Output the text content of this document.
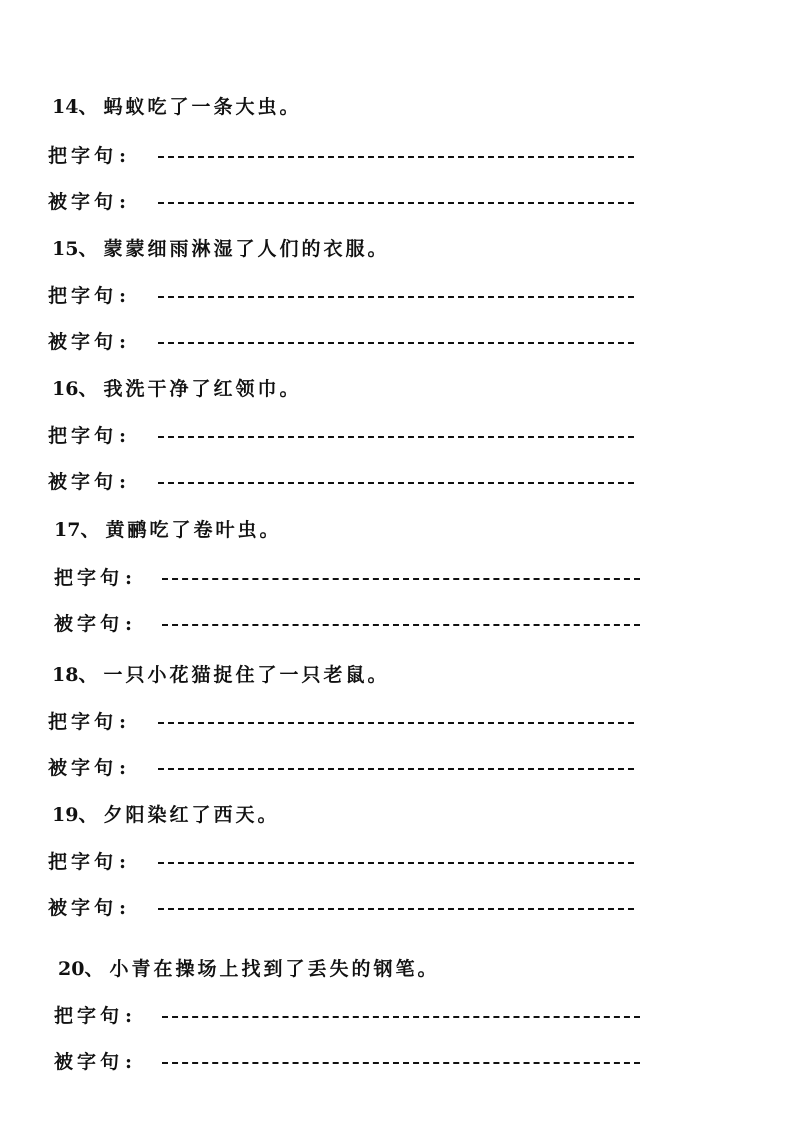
14、 蚂蚁吃了一条大虫。
把字句 :
被字句 :
15、 蒙蒙细雨淋湿了人们的衣服。
把字句 :
被字句 :
16、 我洗干净了红领巾。
把字句 :
被字句 :
17、 黄鹂吃了卷叶虫。
把字句 :
被字句 :
18、 一只小花猫捉住了一只老鼠。
把字句 :
被字句 :
19、 夕阳染红了西天。
把字句 :
被字句 :
20、 小青在操场上找到了丢失的钢笔。
把字句 :
被字句 :
